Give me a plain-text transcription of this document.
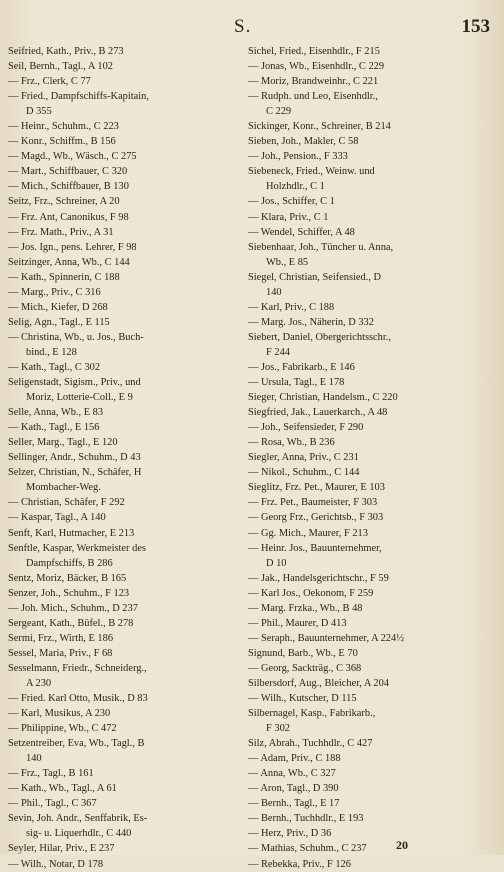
S.	153
Seifried, Kath., Priv., B 273
Seil, Bernh., Tagl., A 102
— Frz., Clerk, C 77
— Fried., Dampfschiffs-Kapitain,
D 355
— Heinr., Schuhm., C 223
— Konr., Schiffm., B 156
— Magd., Wb., Wäsch., C 275
— Mart., Schiffbauer, C 320
— Mich., Schiffbauer, B 130
Seitz, Frz., Schreiner, A 20
— Frz. Ant, Canonikus, F 98
— Frz. Math., Priv., A 31
— Jos. Ign., pens. Lehrer, F 98
Seitzinger, Anna, Wb., C 144
— Kath., Spinnerin, C 188
— Marg., Priv., C 316
— Mich., Kiefer, D 268
Selig, Agn., Tagl., E 115
— Christina, Wb., u. Jos., Buch-
bind., E 128
— Kath., Tagl., C 302
Seligenstadt, Sigism., Priv., und
Moriz, Lotterie-Coll., E 9
Selle, Anna, Wb., E 83
— Kath., Tagl., E 156
Seller, Marg., Tagl., E 120
Sellinger, Andr., Schuhm., D 43
Selzer, Christian, N., Schäfer, H
Mombacher-Weg.
— Christian, Schäfer, F 292
— Kaspar, Tagl., A 140
Senft, Karl, Hutmacher, E 213
Senftle, Kaspar, Werkmeister des
Dampfschiffs, B 286
Sentz, Moriz, Bäcker, B 165
Senzer, Joh., Schuhm., F 123
— Joh. Mich., Schuhm., D 237
Sergeant, Kath., Büfel., B 278
Sermi, Frz., Wirth, E 186
Sessel, Maria, Priv., F 68
Sesselmann, Friedr., Schneiderg.,
A 230
— Fried. Karl Otto, Musik., D 83
— Karl, Musikus, A 230
— Philippine, Wb., C 472
Setzentreiber, Eva, Wb., Tagl., B
140
— Frz., Tagl., B 161
— Kath., Wb., Tagl., A 61
— Phil., Tagl., C 367
Sevin, Joh. Andr., Senffabrik, Es-
sig- u. Liquerhdlr., C 440
Seyler, Hilar, Priv., E 237
— Wilh., Notar, D 178
Sichel, Fried., Eisenhdlr., F 215
— Jonas, Wb., Eisenhdlr., C 229
— Moriz, Brandweinhr., C 221
— Rudph. und Leo, Eisenhdlr.,
C 229
Sickinger, Konr., Schreiner, B 214
Sieben, Joh., Makler, C 58
— Joh., Pension., F 333
Siebeneck, Fried., Weinw. und
Holzhdlr., C 1
— Jos., Schiffer, C 1
— Klara, Priv., C 1
— Wendel, Schiffer, A 48
Siebenhaar, Joh., Tüncher u. Anna,
Wb., E 85
Siegel, Christian, Seifensied., D
140
— Karl, Priv., C 188
— Marg. Jos., Näherin, D 332
Siebert, Daniel, Obergerichtsschr.,
F 244
— Jos., Fabrikarb., E 146
— Ursula, Tagl., E 178
Sieger, Christian, Handelsm., C 220
Siegfried, Jak., Lauerkarch., A 48
— Joh., Seifensieder, F 290
— Rosa, Wb., B 236
Siegler, Anna, Priv., C 231
— Nikol., Schuhm., C 144
Sieglitz, Frz. Pet., Maurer, E 103
— Frz. Pet., Baumeister, F 303
— Georg Frz., Gerichtsb., F 303
— Gg. Mich., Maurer, F 213
— Heinr. Jos., Bauunternehmer,
D 10
— Jak., Handelsgerichtschr., F 59
— Karl Jos., Oekonom, F 259
— Marg. Frzka., Wb., B 48
— Phil., Maurer, D 413
— Seraph., Bauunternehmer, A 224½
Signund, Barb., Wb., E 70
— Georg, Sackträg., C 368
Silbersdorf, Aug., Bleicher, A 204
— Wilh., Kutscher, D 115
Silbernagel, Kasp., Fabrikarb.,
F 302
Silz, Abrah., Tuchhdlr., C 427
— Adam, Priv., C 188
— Anna, Wb., C 327
— Aron, Tagl., D 390
— Bernh., Tagl., E 17
— Bernh., Tuchhdlr., E 193
— Herz, Priv., D 36
— Mathias, Schuhm., C 237
— Rebekka, Priv., F 126
20
